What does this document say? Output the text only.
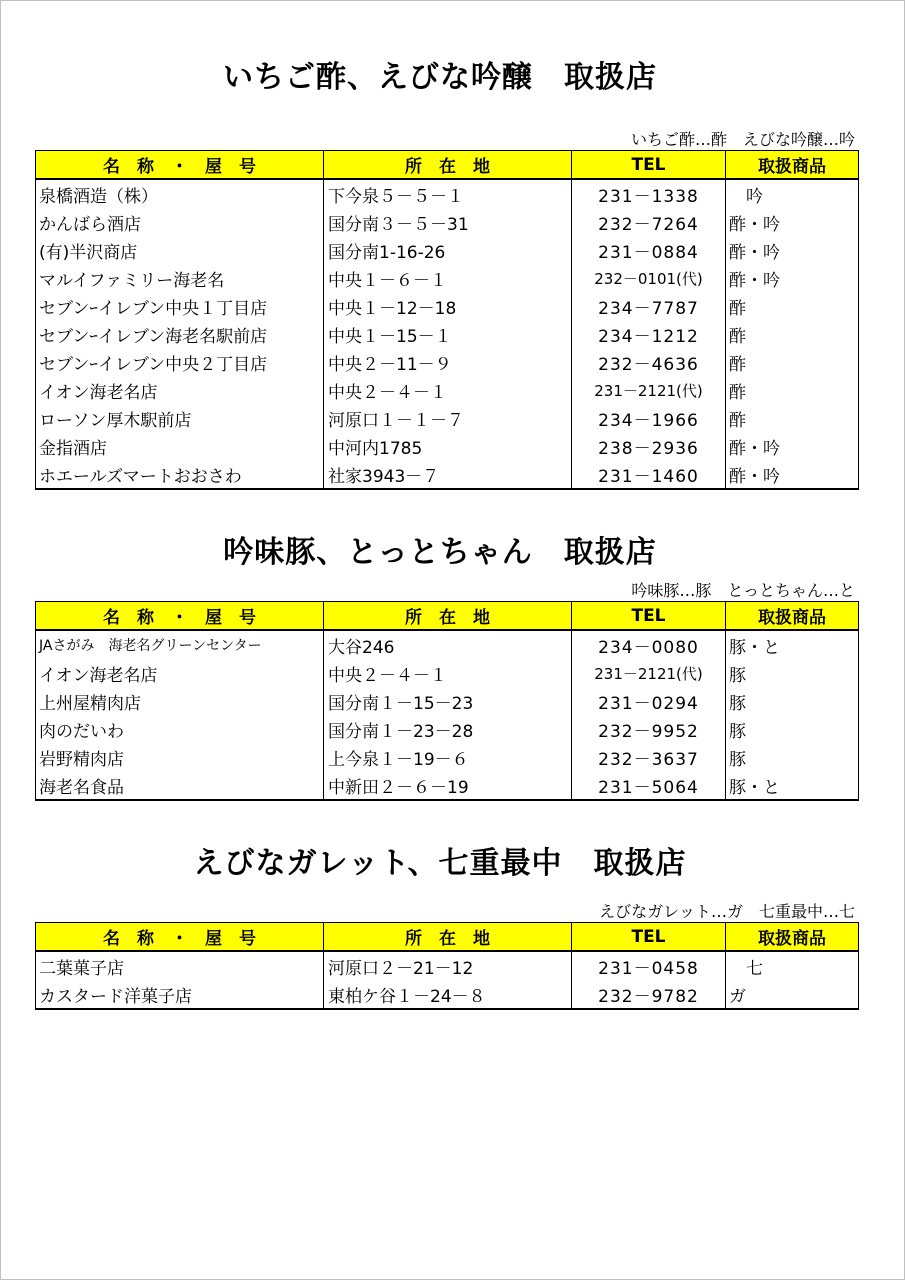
いちご酢、えびな吟醸　取扱店
いちご酢…酢　えびな吟醸…吟
名　称　・　屋　号	所　在　地	TEL	取扱商品
泉橋酒造（株）	下今泉５－５－１	231－1338	　吟
かんばら酒店	国分南３－５－31	232－7264	酢・吟
(有)半沢商店	国分南1-16-26	231－0884	酢・吟
マルイファミリー海老名	中央１－６－１	232－0101(代)	酢・吟
セブンｰイレブン中央１丁目店	中央１－12－18	234－7787	酢
セブンｰイレブン海老名駅前店	中央１－15－１	234－1212	酢
セブンｰイレブン中央２丁目店	中央２－11－９	232－4636	酢
イオン海老名店	中央２－４－１	231－2121(代)	酢
ローソン厚木駅前店	河原口１－１－７	234－1966	酢
金指酒店	中河内1785	238－2936	酢・吟
ホエールズマートおおさわ	社家3943－７	231－1460	酢・吟
吟味豚、とっとちゃん　取扱店
吟味豚…豚　とっとちゃん…と
名　称　・　屋　号	所　在　地	TEL	取扱商品
JAさがみ　海老名グリーンセンター	大谷246	234－0080	豚・と
イオン海老名店	中央２－４－１	231－2121(代)	豚
上州屋精肉店	国分南１－15－23	231－0294	豚
肉のだいわ	国分南１－23－28	232－9952	豚
岩野精肉店	上今泉１－19－６	232－3637	豚
海老名食品	中新田２－６－19	231－5064	豚・と
えびなガレット、七重最中　取扱店
えびなガレット…ガ　七重最中…七
名　称　・　屋　号	所　在　地	TEL	取扱商品
二葉菓子店	河原口２－21－12	231－0458	　七
カスタード洋菓子店	東柏ケ谷１－24－８	232－9782	ガ
